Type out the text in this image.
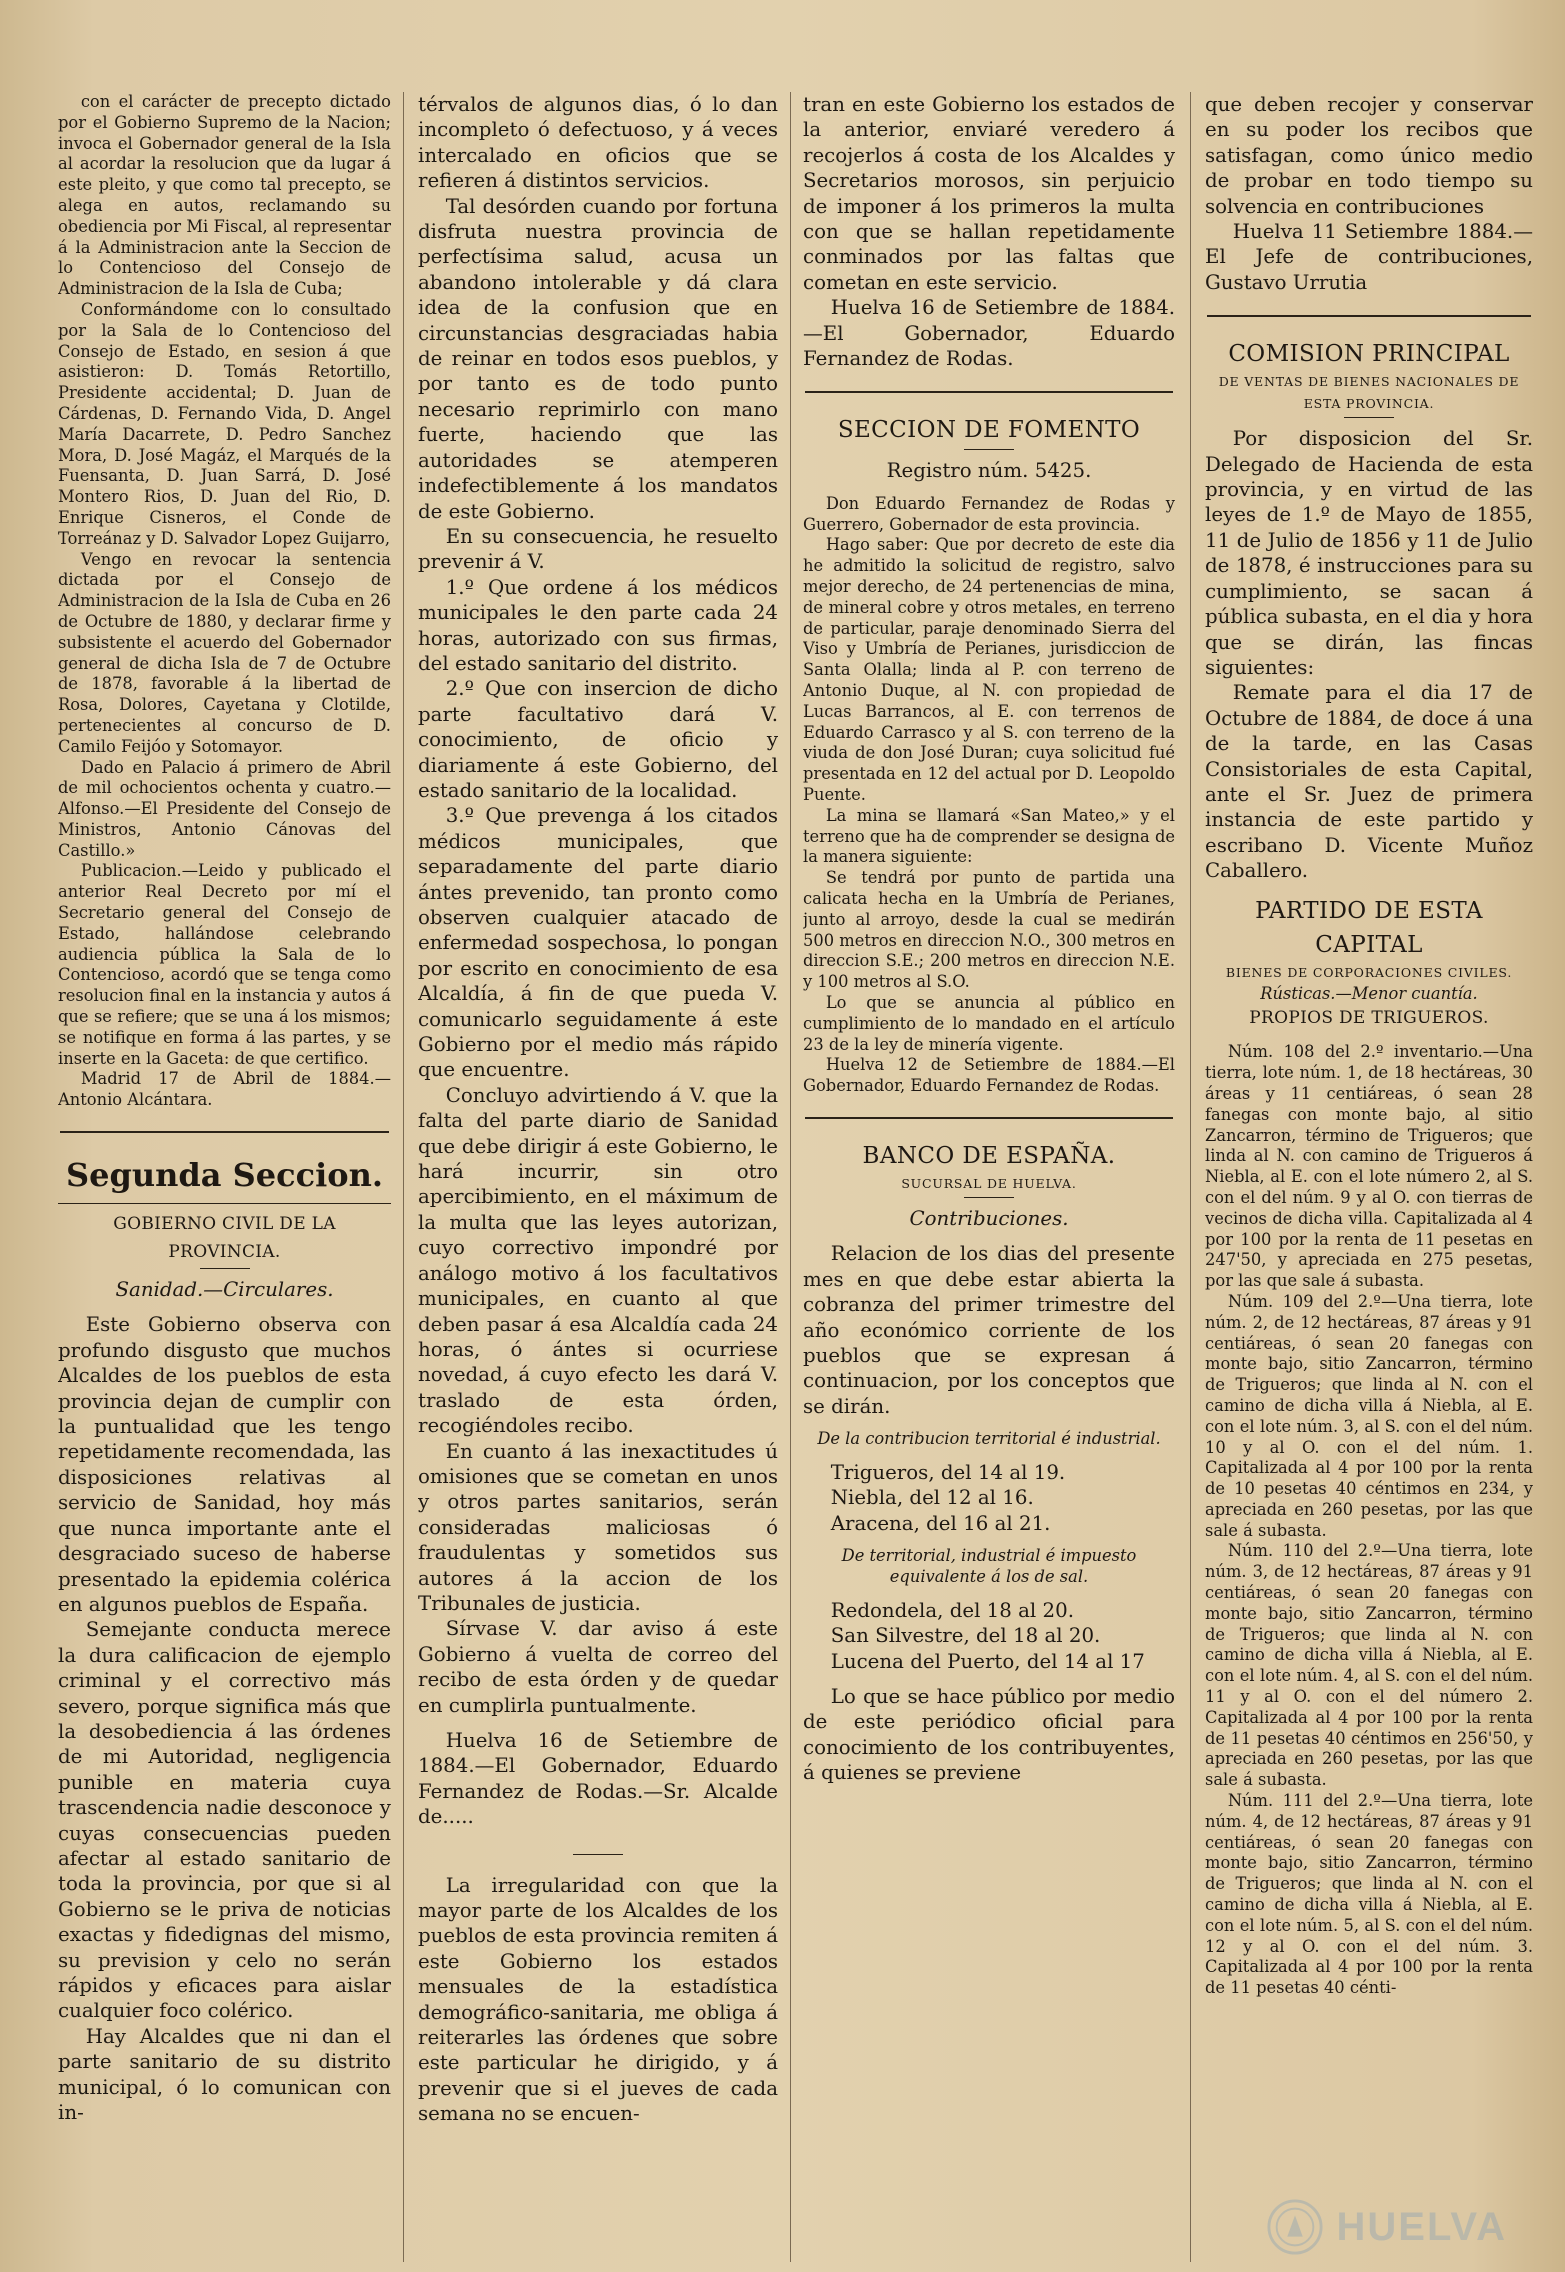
con el carácter de precepto dictado por el Gobierno Supremo de la Nacion; invoca el Gobernador general de la Isla al acordar la resolucion que da lugar á este pleito, y que como tal precepto, se alega en autos, reclamando su obediencia por Mi Fiscal, al representar á la Administracion ante la Seccion de lo Contencioso del Consejo de Administracion de la Isla de Cuba;

Conformándome con lo consultado por la Sala de lo Contencioso del Consejo de Estado, en sesion á que asistieron: D. Tomás Retortillo, Presidente accidental; D. Juan de Cárdenas, D. Fernando Vida, D. Angel María Dacarrete, D. Pedro Sanchez Mora, D. José Magáz, el Marqués de la Fuensanta, D. Juan Sarrá, D. José Montero Rios, D. Juan del Rio, D. Enrique Cisneros, el Conde de Torreánaz y D. Salvador Lopez Guijarro,

Vengo en revocar la sentencia dictada por el Consejo de Administracion de la Isla de Cuba en 26 de Octubre de 1880, y declarar firme y subsistente el acuerdo del Gobernador general de dicha Isla de 7 de Octubre de 1878, favorable á la libertad de Rosa, Dolores, Cayetana y Clotilde, pertenecientes al concurso de D. Camilo Feijóo y Sotomayor.

Dado en Palacio á primero de Abril de mil ochocientos ochenta y cuatro.—Alfonso.—El Presidente del Consejo de Ministros, Antonio Cánovas del Castillo.»

Publicacion.—Leido y publicado el anterior Real Decreto por mí el Secretario general del Consejo de Estado, hallándose celebrando audiencia pública la Sala de lo Contencioso, acordó que se tenga como resolucion final en la instancia y autos á que se refiere; que se una á los mismos; se notifique en forma á las partes, y se inserte en la Gaceta: de que certifico.

Madrid 17 de Abril de 1884.—Antonio Alcántara.

Segunda Seccion.

GOBIERNO CIVIL DE LA PROVINCIA.

Sanidad.—Circulares.

Este Gobierno observa con profundo disgusto que muchos Alcaldes de los pueblos de esta provincia dejan de cumplir con la puntualidad que les tengo repetidamente recomendada, las disposiciones relativas al servicio de Sanidad, hoy más que nunca importante ante el desgraciado suceso de haberse presentado la epidemia colérica en algunos pueblos de España.

Semejante conducta merece la dura calificacion de ejemplo criminal y el correctivo más severo, porque significa más que la desobediencia á las órdenes de mi Autoridad, negligencia punible en materia cuya trascendencia nadie desconoce y cuyas consecuencias pueden afectar al estado sanitario de toda la provincia, por que si al Gobierno se le priva de noticias exactas y fidedignas del mismo, su prevision y celo no serán rápidos y eficaces para aislar cualquier foco colérico.

Hay Alcaldes que ni dan el parte sanitario de su distrito municipal, ó lo comunican con in-

térvalos de algunos dias, ó lo dan incompleto ó defectuoso, y á veces intercalado en oficios que se refieren á distintos servicios.

Tal desórden cuando por fortuna disfruta nuestra provincia de perfectísima salud, acusa un abandono intolerable y dá clara idea de la confusion que en circunstancias desgraciadas habia de reinar en todos esos pueblos, y por tanto es de todo punto necesario reprimirlo con mano fuerte, haciendo que las autoridades se atemperen indefectiblemente á los mandatos de este Gobierno.

En su consecuencia, he resuelto prevenir á V.

1.º Que ordene á los médicos municipales le den parte cada 24 horas, autorizado con sus firmas, del estado sanitario del distrito.

2.º Que con insercion de dicho parte facultativo dará V. conocimiento, de oficio y diariamente á este Gobierno, del estado sanitario de la localidad.

3.º Que prevenga á los citados médicos municipales, que separadamente del parte diario ántes prevenido, tan pronto como observen cualquier atacado de enfermedad sospechosa, lo pongan por escrito en conocimiento de esa Alcaldía, á fin de que pueda V. comunicarlo seguidamente á este Gobierno por el medio más rápido que encuentre.

Concluyo advirtiendo á V. que la falta del parte diario de Sanidad que debe dirigir á este Gobierno, le hará incurrir, sin otro apercibimiento, en el máximum de la multa que las leyes autorizan, cuyo correctivo impondré por análogo motivo á los facultativos municipales, en cuanto al que deben pasar á esa Alcaldía cada 24 horas, ó ántes si ocurriese novedad, á cuyo efecto les dará V. traslado de esta órden, recogiéndoles recibo.

En cuanto á las inexactitudes ú omisiones que se cometan en unos y otros partes sanitarios, serán consideradas maliciosas ó fraudulentas y sometidos sus autores á la accion de los Tribunales de justicia.

Sírvase V. dar aviso á este Gobierno á vuelta de correo del recibo de esta órden y de quedar en cumplirla puntualmente.

Huelva 16 de Setiembre de 1884.—El Gobernador, Eduardo Fernandez de Rodas.—Sr. Alcalde de.....

La irregularidad con que la mayor parte de los Alcaldes de los pueblos de esta provincia remiten á este Gobierno los estados mensuales de la estadística demográfico-sanitaria, me obliga á reiterarles las órdenes que sobre este particular he dirigido, y á prevenir que si el jueves de cada semana no se encuen-

tran en este Gobierno los estados de la anterior, enviaré veredero á recojerlos á costa de los Alcaldes y Secretarios morosos, sin perjuicio de imponer á los primeros la multa con que se hallan repetidamente conminados por las faltas que cometan en este servicio.

Huelva 16 de Setiembre de 1884.—El Gobernador, Eduardo Fernandez de Rodas.

SECCION DE FOMENTO

Registro núm. 5425.

Don Eduardo Fernandez de Rodas y Guerrero, Gobernador de esta provincia.

Hago saber: Que por decreto de este dia he admitido la solicitud de registro, salvo mejor derecho, de 24 pertenencias de mina, de mineral cobre y otros metales, en terreno de particular, paraje denominado Sierra del Viso y Umbría de Perianes, jurisdiccion de Santa Olalla; linda al P. con terreno de Antonio Duque, al N. con propiedad de Lucas Barrancos, al E. con terrenos de Eduardo Carrasco y al S. con terreno de la viuda de don José Duran; cuya solicitud fué presentada en 12 del actual por D. Leopoldo Puente.

La mina se llamará «San Mateo,» y el terreno que ha de comprender se designa de la manera siguiente:

Se tendrá por punto de partida una calicata hecha en la Umbría de Perianes, junto al arroyo, desde la cual se medirán 500 metros en direccion N.O., 300 metros en direccion S.E.; 200 metros en direccion N.E. y 100 metros al S.O.

Lo que se anuncia al público en cumplimiento de lo mandado en el artículo 23 de la ley de minería vigente.

Huelva 12 de Setiembre de 1884.—El Gobernador, Eduardo Fernandez de Rodas.

BANCO DE ESPAÑA.

SUCURSAL DE HUELVA.

Contribuciones.

Relacion de los dias del presente mes en que debe estar abierta la cobranza del primer trimestre del año económico corriente de los pueblos que se expresan á continuacion, por los conceptos que se dirán.

De la contribucion territorial é industrial.

Trigueros, del 14 al 19.

Niebla, del 12 al 16.

Aracena, del 16 al 21.

De territorial, industrial é impuesto equivalente á los de sal.

Redondela, del 18 al 20.

San Silvestre, del 18 al 20.

Lucena del Puerto, del 14 al 17

Lo que se hace público por medio de este periódico oficial para conocimiento de los contribuyentes, á quienes se previene

que deben recojer y conservar en su poder los recibos que satisfagan, como único medio de probar en todo tiempo su solvencia en contribuciones

Huelva 11 Setiembre 1884.—El Jefe de contribuciones, Gustavo Urrutia

COMISION PRINCIPAL

DE VENTAS DE BIENES NACIONALES DE ESTA PROVINCIA.

Por disposicion del Sr. Delegado de Hacienda de esta provincia, y en virtud de las leyes de 1.º de Mayo de 1855, 11 de Julio de 1856 y 11 de Julio de 1878, é instrucciones para su cumplimiento, se sacan á pública subasta, en el dia y hora que se dirán, las fincas siguientes:

Remate para el dia 17 de Octubre de 1884, de doce á una de la tarde, en las Casas Consistoriales de esta Capital, ante el Sr. Juez de primera instancia de este partido y escribano D. Vicente Muñoz Caballero.

PARTIDO DE ESTA CAPITAL

BIENES DE CORPORACIONES CIVILES.

Rústicas.—Menor cuantía.

PROPIOS DE TRIGUEROS.

Núm. 108 del 2.º inventario.—Una tierra, lote núm. 1, de 18 hectáreas, 30 áreas y 11 centiáreas, ó sean 28 fanegas con monte bajo, al sitio Zancarron, término de Trigueros; que linda al N. con camino de Trigueros á Niebla, al E. con el lote número 2, al S. con el del núm. 9 y al O. con tierras de vecinos de dicha villa. Capitalizada al 4 por 100 por la renta de 11 pesetas en 247'50, y apreciada en 275 pesetas, por las que sale á subasta.

Núm. 109 del 2.º—Una tierra, lote núm. 2, de 12 hectáreas, 87 áreas y 91 centiáreas, ó sean 20 fanegas con monte bajo, sitio Zancarron, término de Trigueros; que linda al N. con el camino de dicha villa á Niebla, al E. con el lote núm. 3, al S. con el del núm. 10 y al O. con el del núm. 1. Capitalizada al 4 por 100 por la renta de 10 pesetas 40 céntimos en 234, y apreciada en 260 pesetas, por las que sale á subasta.

Núm. 110 del 2.º—Una tierra, lote núm. 3, de 12 hectáreas, 87 áreas y 91 centiáreas, ó sean 20 fanegas con monte bajo, sitio Zancarron, término de Trigueros; que linda al N. con camino de dicha villa á Niebla, al E. con el lote núm. 4, al S. con el del núm. 11 y al O. con el del número 2. Capitalizada al 4 por 100 por la renta de 11 pesetas 40 céntimos en 256'50, y apreciada en 260 pesetas, por las que sale á subasta.

Núm. 111 del 2.º—Una tierra, lote núm. 4, de 12 hectáreas, 87 áreas y 91 centiáreas, ó sean 20 fanegas con monte bajo, sitio Zancarron, término de Trigueros; que linda al N. con el camino de dicha villa á Niebla, al E. con el lote núm. 5, al S. con el del núm. 12 y al O. con el del núm. 3. Capitalizada al 4 por 100 por la renta de 11 pesetas 40 cénti-

HUELVA
